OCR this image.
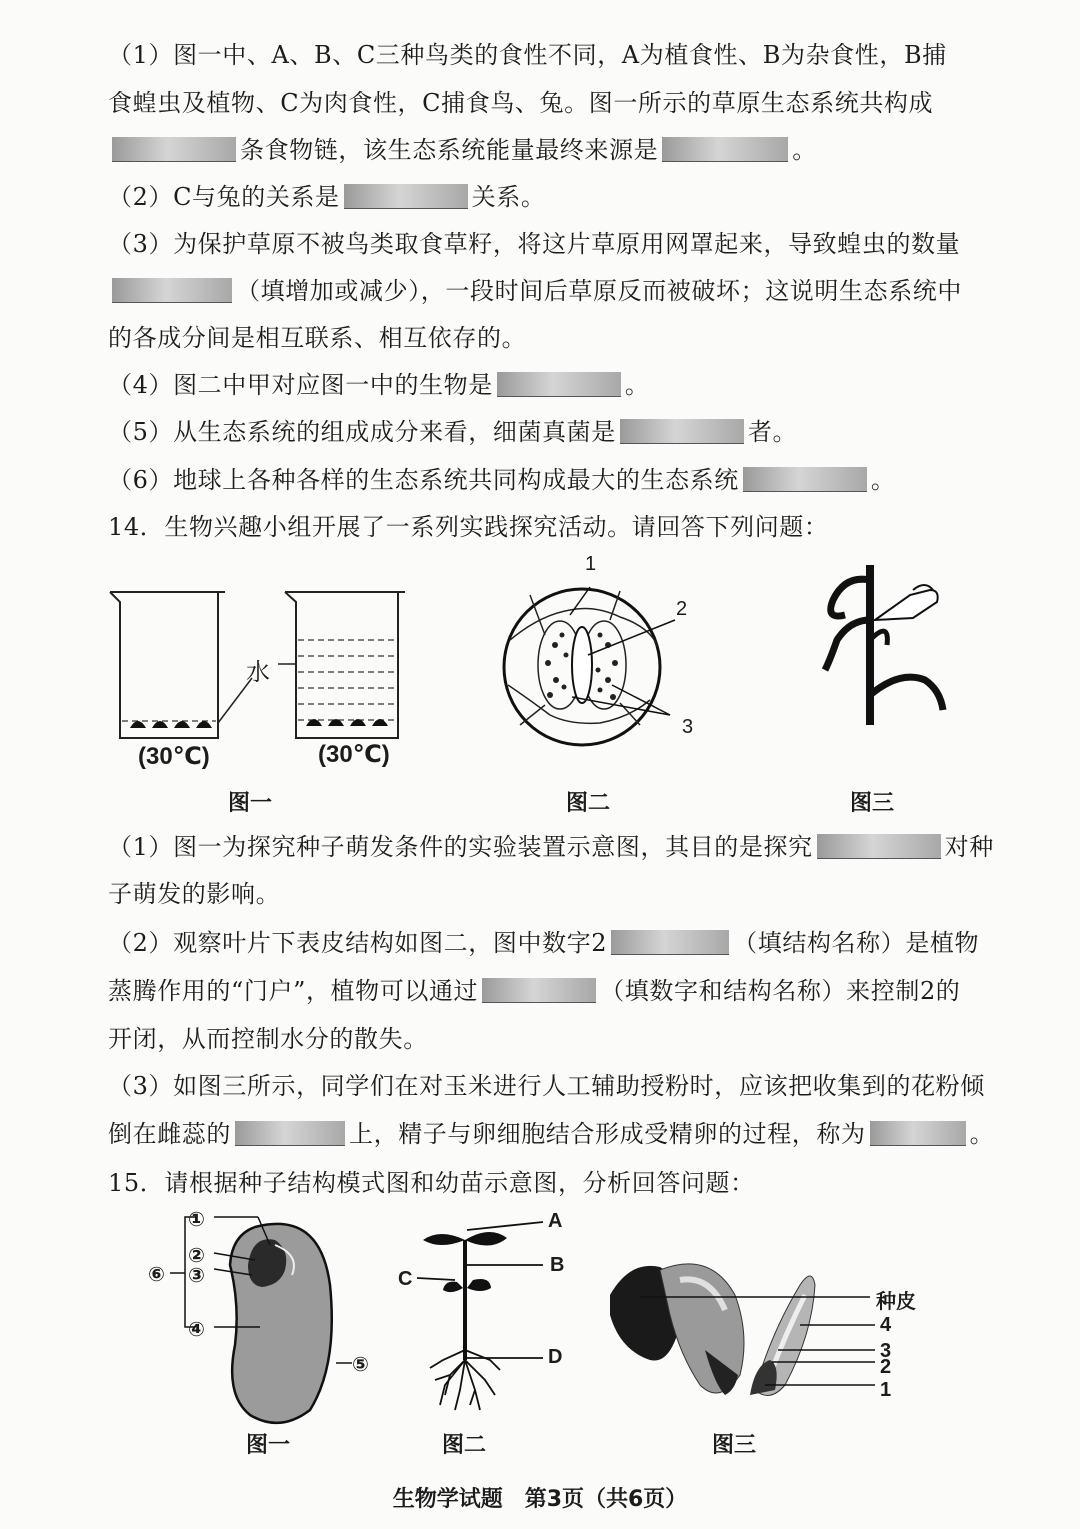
（1）图一中、A、B、C三种鸟类的食性不同，A为植食性、B为杂食性，B捕
食蝗虫及植物、C为肉食性，C捕食鸟、兔。图一所示的草原生态系统共构成
条食物链，该生态系统能量最终来源是	。
（2）C与兔的关系是	关系。
（3）为保护草原不被鸟类取食草籽，将这片草原用网罩起来，导致蝗虫的数量
（填增加或减少），一段时间后草原反而被破坏；这说明生态系统中
的各成分间是相互联系、相互依存的。
（4）图二中甲对应图一中的生物是	。
（5）从生态系统的组成成分来看，细菌真菌是	者。
（6）地球上各种各样的生态系统共同构成最大的生态系统	。
14．生物兴趣小组开展了一系列实践探究活动。请回答下列问题：
水
(30℃)	(30℃)
图一
1
2
3
图二	图三
（1）图一为探究种子萌发条件的实验装置示意图，其目的是探究	对种
子萌发的影响。
（2）观察叶片下表皮结构如图二，图中数字2	（填结构名称）是植物
蒸腾作用的“门户”，植物可以通过	（填数字和结构名称）来控制2的
开闭，从而控制水分的散失。
（3）如图三所示，同学们在对玉米进行人工辅助授粉时，应该把收集到的花粉倾
倒在雌蕊的	上，精子与卵细胞结合形成受精卵的过程，称为	。
15．请根据种子结构模式图和幼苗示意图，分析回答问题：
①
②
③
④
⑤
⑥
图一
A
B
C
D
图二
种皮
4
3
2
1
图三
生物学试题　第3页（共6页）
